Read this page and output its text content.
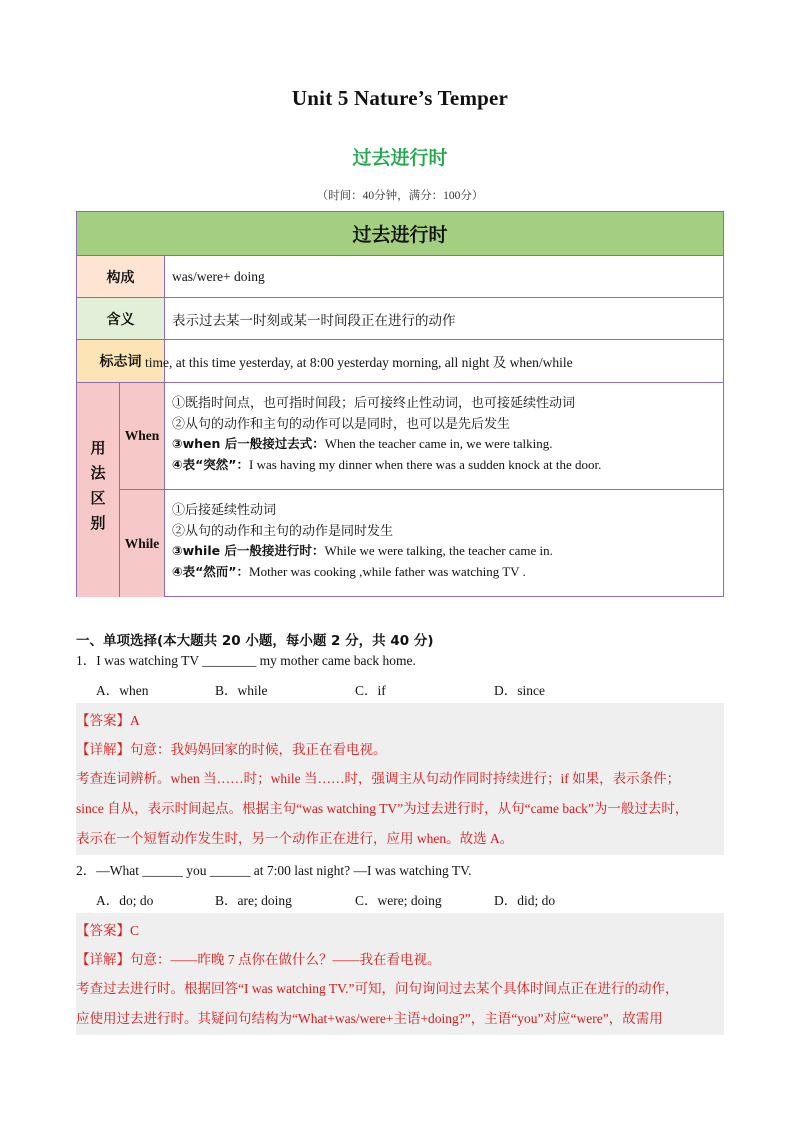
Unit 5 Nature’s Temper
过去进行时
（时间：40分钟，满分：100分）
过去进行时
构成	was/were+ doing
含义	表示过去某一时刻或某一时间段正在进行的动作
标志词 time, at this time yesterday, at 8:00 yesterday morning, all night 及 when/while
用法区别
When
①既指时间点，也可指时间段；后可接终止性动词，也可接延续性动词
②从句的动作和主句的动作可以是同时，也可以是先后发生
③when 后一般接过去式：When the teacher came in, we were talking.
④表“突然”：I was having my dinner when there was a sudden knock at the door.
While
①后接延续性动词
②从句的动作和主句的动作是同时发生
③while 后一般接进行时：While we were talking, the teacher came in.
④表“然而”：Mother was cooking ,while father was watching TV .
一、单项选择(本大题共 20 小题，每小题 2 分，共 40 分)
1．I was watching TV ________ my mother came back home.
A．when	B．while	C．if	D．since
【答案】A
【详解】句意：我妈妈回家的时候，我正在看电视。
考查连词辨析。when 当……时；while 当……时，强调主从句动作同时持续进行；if 如果，表示条件；
since 自从，表示时间起点。根据主句“was watching TV”为过去进行时，从句“came back”为一般过去时，
表示在一个短暂动作发生时，另一个动作正在进行，应用 when。故选 A。
2．—What ______ you ______ at 7:00 last night? —I was watching TV.
A．do; do	B．are; doing	C．were; doing	D．did; do
【答案】C
【详解】句意：——昨晚 7 点你在做什么？——我在看电视。
考查过去进行时。根据回答“I was watching TV.”可知，问句询问过去某个具体时间点正在进行的动作，
应使用过去进行时。其疑问句结构为“What+was/were+主语+doing?”，主语“you”对应“were”，故需用
